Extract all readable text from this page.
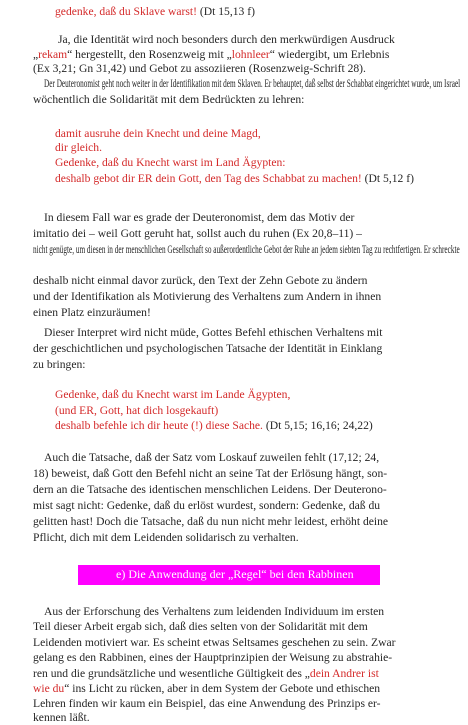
gedenke, daß du Sklave warst! (Dt 15,13 f)
Ja, die Identität wird noch besonders durch den merkwürdigen Ausdruck
„rekam“ hergestellt, den Rosenzweig mit „lohnleer“ wiedergibt, um Erlebnis
(Ex 3,21; Gn 31,42) und Gebot zu assoziieren (Rosenzweig-Schrift 28).
Der Deuteronomist geht noch weiter in der Identifikation mit dem Sklaven. Er behauptet, daß selbst der Schabbat eingerichtet wurde, um Israel
wöchentlich die Solidarität mit dem Bedrückten zu lehren:
damit ausruhe dein Knecht und deine Magd,
dir gleich.
Gedenke, daß du Knecht warst im Land Ägypten:
deshalb gebot dir ER dein Gott, den Tag des Schabbat zu machen! (Dt 5,12 f)
In diesem Fall war es grade der Deuteronomist, dem das Motiv der
imitatio dei – weil Gott geruht hat, sollst auch du ruhen (Ex 20,8–11) –
nicht genügte, um diesen in der menschlichen Gesellschaft so außerordentliche Gebot der Ruhe an jedem siebten Tag zu rechtfertigen. Er schreckte
deshalb nicht einmal davor zurück, den Text der Zehn Gebote zu ändern
und der Identifikation als Motivierung des Verhaltens zum Andern in ihnen
einen Platz einzuräumen!
Dieser Interpret wird nicht müde, Gottes Befehl ethischen Verhaltens mit
der geschichtlichen und psychologischen Tatsache der Identität in Einklang
zu bringen:
Gedenke, daß du Knecht warst im Lande Ägypten,
(und ER, Gott, hat dich losgekauft)
deshalb befehle ich dir heute (!) diese Sache. (Dt 5,15; 16,16; 24,22)
Auch die Tatsache, daß der Satz vom Loskauf zuweilen fehlt (17,12; 24,
18) beweist, daß Gott den Befehl nicht an seine Tat der Erlösung hängt, son-
dern an die Tatsache des identischen menschlichen Leidens. Der Deuterono-
mist sagt nicht: Gedenke, daß du erlöst wurdest, sondern: Gedenke, daß du
gelitten hast! Doch die Tatsache, daß du nun nicht mehr leidest, erhöht deine
Pflicht, dich mit dem Leidenden solidarisch zu verhalten.
e) Die Anwendung der „Regel“ bei den Rabbinen
Aus der Erforschung des Verhaltens zum leidenden Individuum im ersten
Teil dieser Arbeit ergab sich, daß dies selten von der Solidarität mit dem
Leidenden motiviert war. Es scheint etwas Seltsames geschehen zu sein. Zwar
gelang es den Rabbinen, eines der Hauptprinzipien der Weisung zu abstrahie-
ren und die grundsätzliche und wesentliche Gültigkeit des „dein Andrer ist
wie du“ ins Licht zu rücken, aber in dem System der Gebote und ethischen
Lehren finden wir kaum ein Beispiel, das eine Anwendung des Prinzips er-
kennen läßt.
